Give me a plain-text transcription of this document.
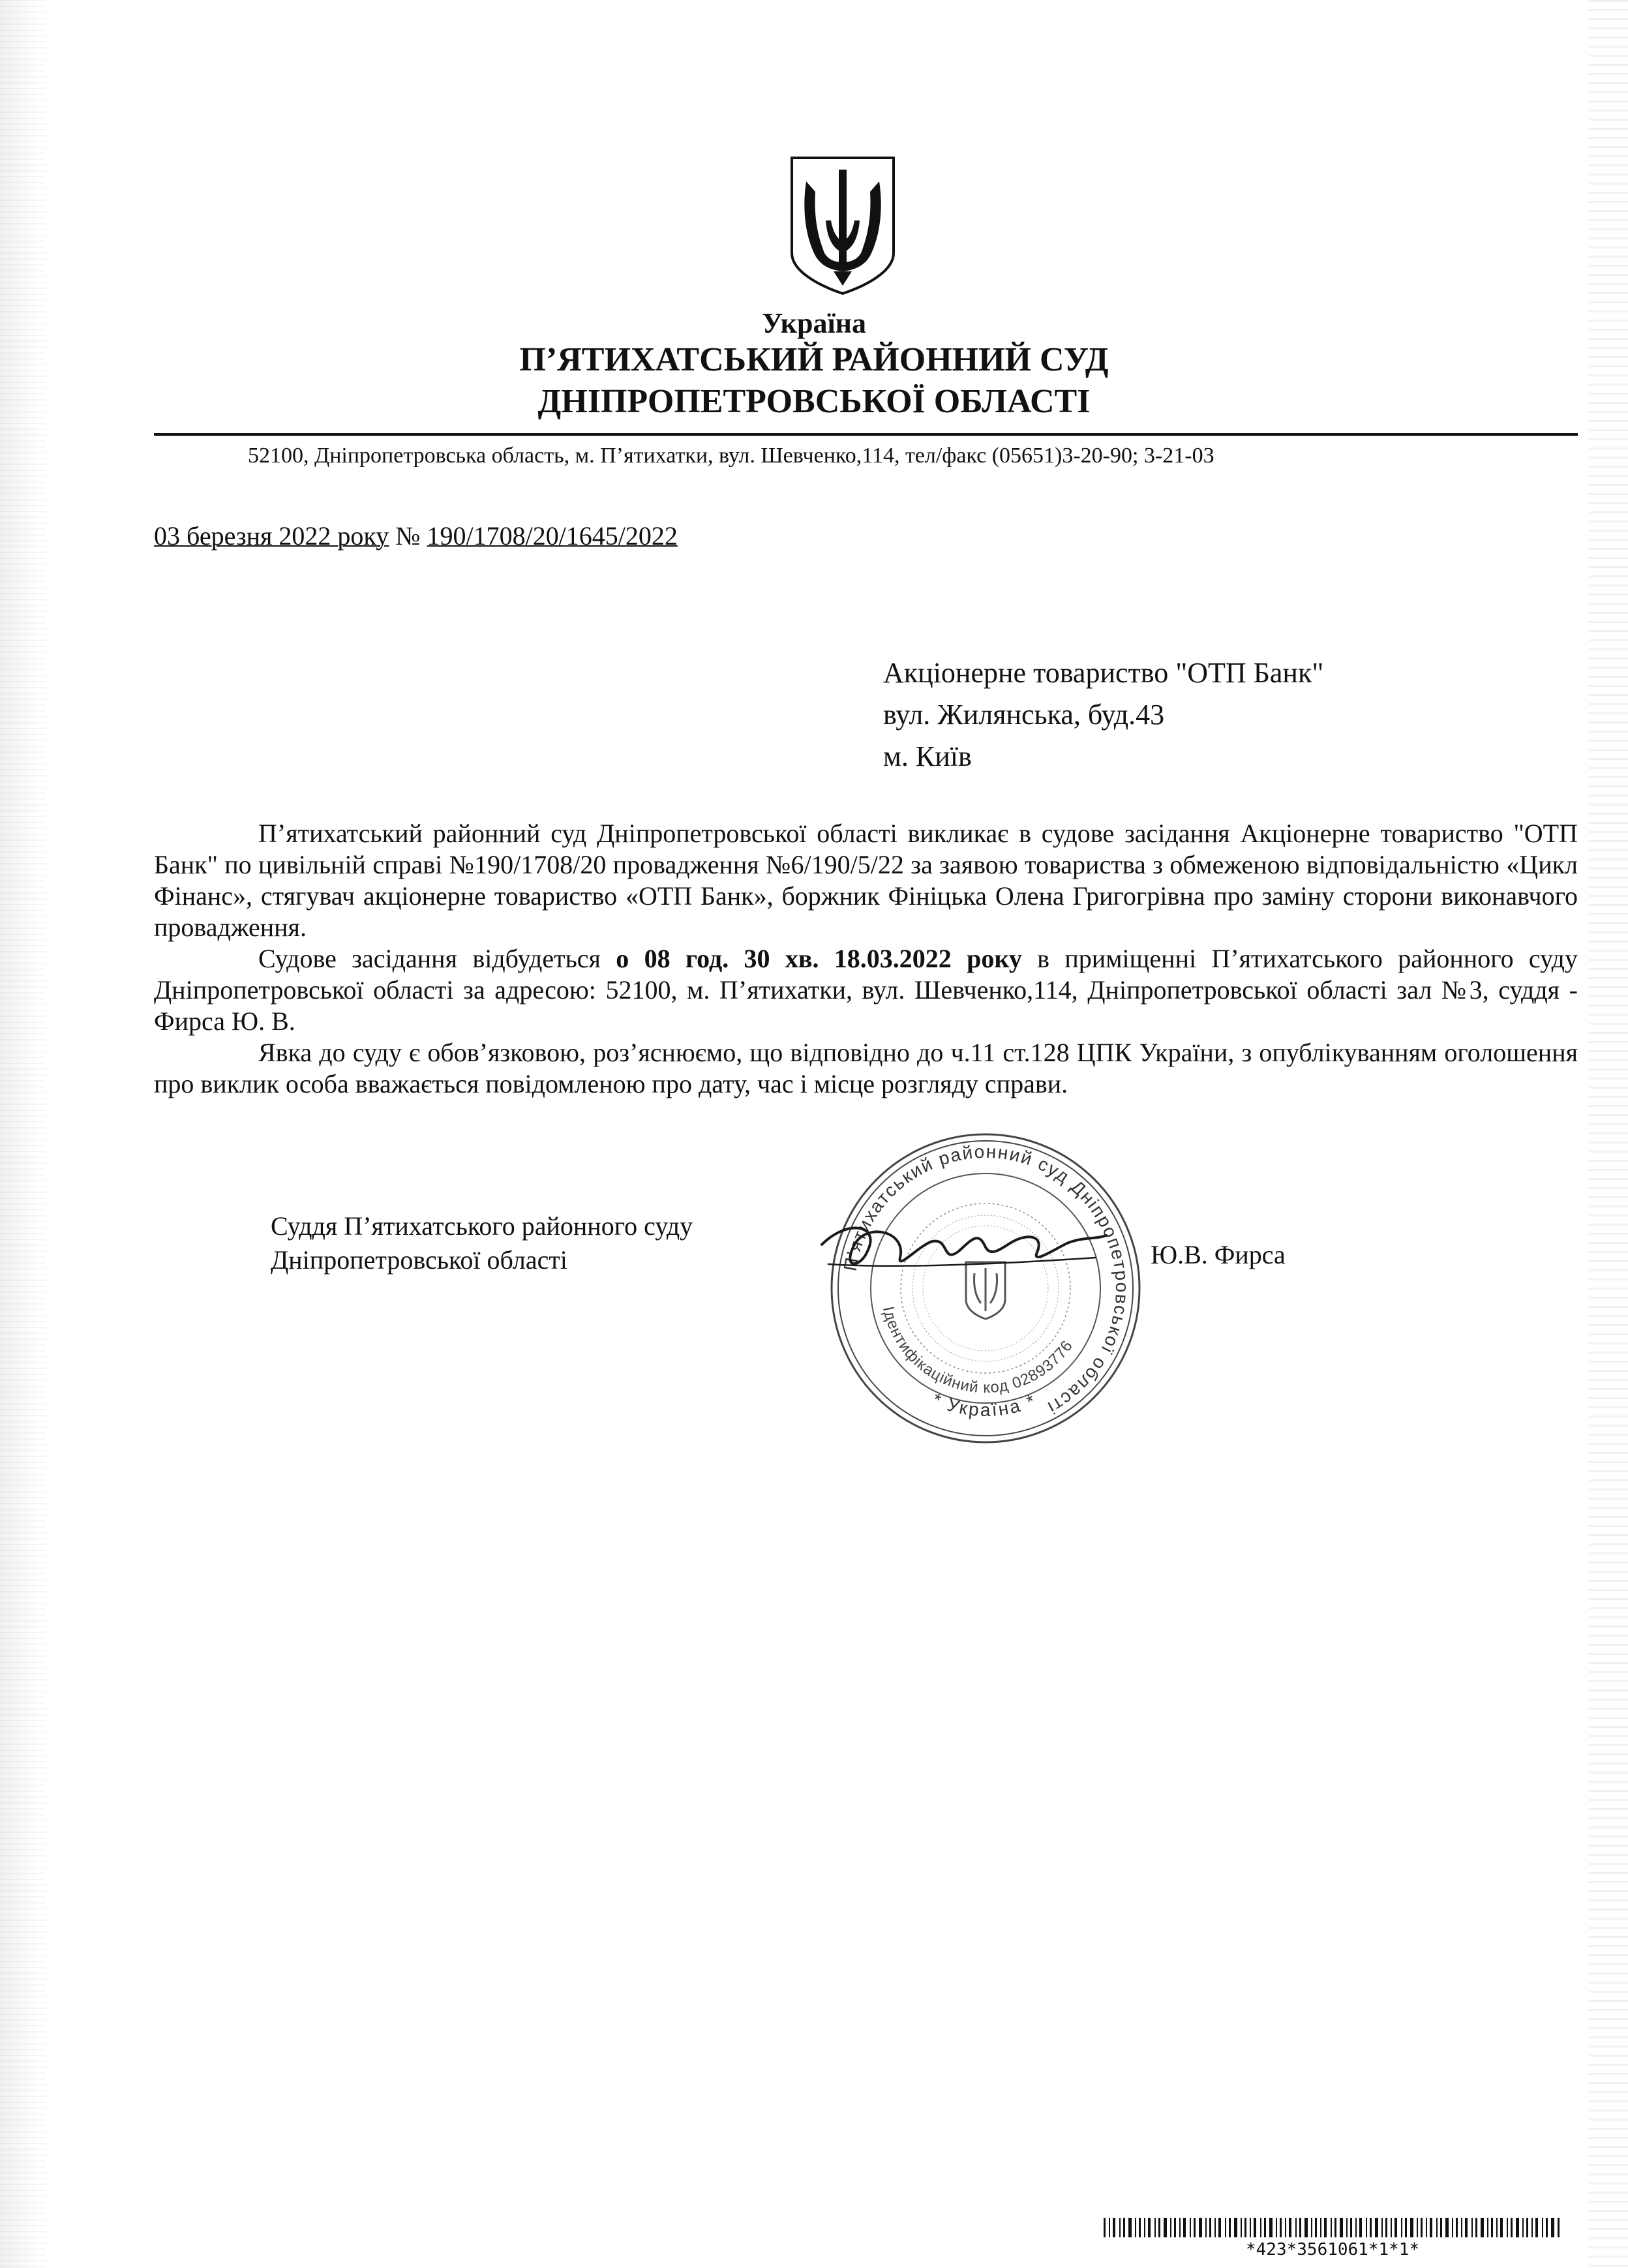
Україна
П’ЯТИХАТСЬКИЙ РАЙОННИЙ СУД
ДНІПРОПЕТРОВСЬКОЇ ОБЛАСТІ
52100, Дніпропетровська область, м. П’ятихатки, вул. Шевченко,114, тел/факс (05651)3-20-90; 3-21-03
03 березня 2022 року № 190/1708/20/1645/2022
Акціонерне товариство "ОТП Банк"
вул. Жилянська, буд.43
м. Київ

П’ятихатський районний суд Дніпропетровської області викликає в судове засідання Акціонерне товариство "ОТП Банк" по цивільній справі №190/1708/20 провадження №6/190/5/22 за заявою товариства з обмеженою відповідальністю «Цикл Фінанс», стягувач акціонерне товариство «ОТП Банк», боржник Фініцька Олена Григогрівна про заміну сторони виконавчого провадження.

Судове засідання відбудеться о 08 год. 30 хв. 18.03.2022 року в приміщенні П’ятихатського районного суду Дніпропетровської області за адресою: 52100, м. П’ятихатки, вул. Шевченко,114, Дніпропетровської області зал №3, суддя - Фирса Ю. В.

Явка до суду є обов’язковою, роз’яснюємо, що відповідно до ч.11 ст.128 ЦПК України, з опублікуванням оголошення про виклик особа вважається повідомленою про дату, час і місце розгляду справи.

Суддя П’ятихатського районного суду
Дніпропетровської області	П’ятихатський районний суд Дніпропетровської області
Ідентифікаційний код 02893776
* Україна *
Ю.В. Фирса
*423*3561061*1*1*
